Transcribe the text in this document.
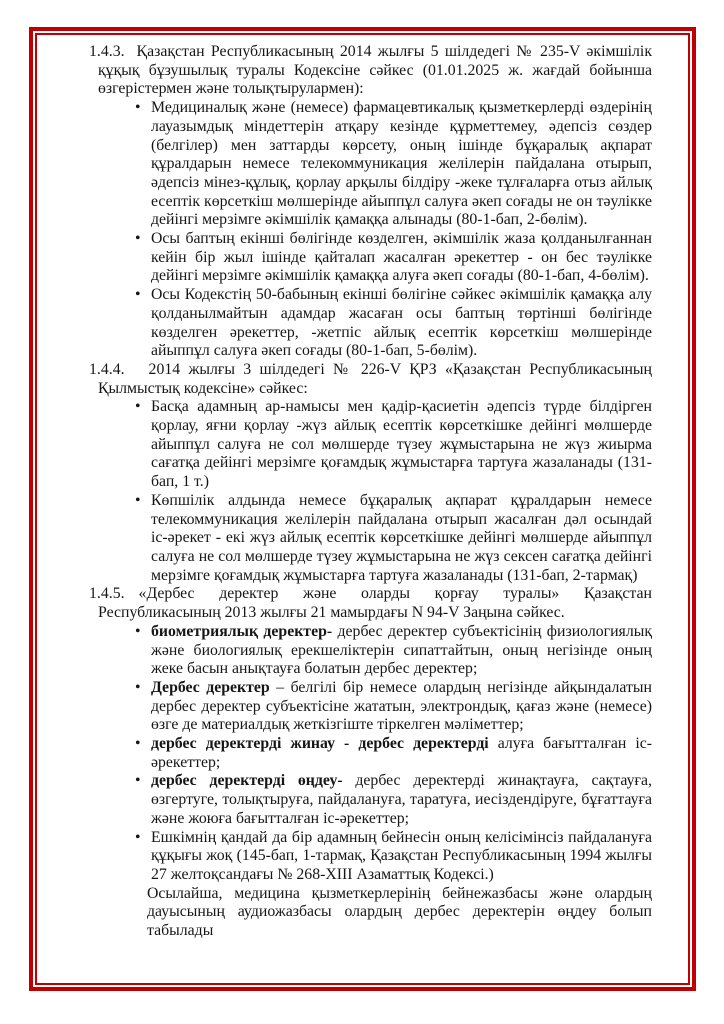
1.4.3. Қазақстан Республикасының 2014 жылғы 5 шілдедегі № 235-V әкімшілік құқық бұзушылық туралы Кодексіне сәйкес (01.01.2025 ж. жағдай бойынша өзгерістермен және толықтырулармен):
• Медициналық және (немесе) фармацевтикалық қызметкерлерді өздерінің лауазымдық міндеттерін атқару кезінде құрметтемеу, әдепсіз сөздер (белгілер) мен заттарды көрсету, оның ішінде бұқаралық ақпарат құралдарын немесе телекоммуникация желілерін пайдалана отырып, әдепсіз мінез-құлық, қорлау арқылы білдіру -жеке тұлғаларға отыз айлық есептік көрсеткіш мөлшерінде айыппұл салуға әкеп соғады не он тәулікке дейінгі мерзімге әкімшілік қамаққа алынады (80-1-бап, 2-бөлім).
• Осы баптың екінші бөлігінде көзделген, әкімшілік жаза қолданылғаннан кейін бір жыл ішінде қайталап жасалған әрекеттер - он бес тәулікке дейінгі мерзімге әкімшілік қамаққа алуға әкеп соғады (80-1-бап, 4-бөлім).
• Осы Кодекстің 50-бабының екінші бөлігіне сәйкес әкімшілік қамаққа алу қолданылмайтын адамдар жасаған осы баптың төртінші бөлігінде көзделген әрекеттер, -жетпіс айлық есептік көрсеткіш мөлшерінде айыппұл салуға әкеп соғады (80-1-бап, 5-бөлім).
1.4.4. 2014 жылғы 3 шілдедегі № 226-V ҚРЗ «Қазақстан Республикасының Қылмыстық кодексіне» сәйкес:
• Басқа адамның ар-намысы мен қадір-қасиетін әдепсіз түрде білдірген қорлау, яғни қорлау -жүз айлық есептік көрсеткішке дейінгі мөлшерде айыппұл салуға не сол мөлшерде түзеу жұмыстарына не жүз жиырма сағатқа дейінгі мерзімге қоғамдық жұмыстарға тартуға жазаланады (131-бап, 1 т.)
• Көпшілік алдында немесе бұқаралық ақпарат құралдарын немесе телекоммуникация желілерін пайдалана отырып жасалған дәл осындай іс-әрекет - екі жүз айлық есептік көрсеткішке дейінгі мөлшерде айыппұл салуға не сол мөлшерде түзеу жұмыстарына не жүз сексен сағатқа дейінгі мерзімге қоғамдық жұмыстарға тартуға жазаланады (131-бап, 2-тармақ)
1.4.5. «Дербес деректер және оларды қорғау туралы» Қазақстан Республикасының 2013 жылғы 21 мамырдағы N 94-V Заңына сәйкес.
• биометриялық деректер- дербес деректер субъектісінің физиологиялық және биологиялық ерекшеліктерін сипаттайтын, оның негізінде оның жеке басын анықтауға болатын дербес деректер;
• Дербес деректер – белгілі бір немесе олардың негізінде айқындалатын дербес деректер субъектісіне жататын, электрондық, қағаз және (немесе) өзге де материалдық жеткізгіште тіркелген мәліметтер;
• дербес деректерді жинау - дербес деректерді алуға бағытталған іс-әрекеттер;
• дербес деректерді өңдеу- дербес деректерді жинақтауға, сақтауға, өзгертуге, толықтыруға, пайдалануға, таратуға, иесіздендіруге, бұғаттауға және жоюға бағытталған іс-әрекеттер;
• Ешкімнің қандай да бір адамның бейнесін оның келісімінсіз пайдалануға құқығы жоқ (145-бап, 1-тармақ, Қазақстан Республикасының 1994 жылғы 27 желтоқсандағы № 268-XIII Азаматтық Кодексі.)
Осылайша, медицина қызметкерлерінің бейнежазбасы және олардың дауысының аудиожазбасы олардың дербес деректерін өңдеу болып табылады
